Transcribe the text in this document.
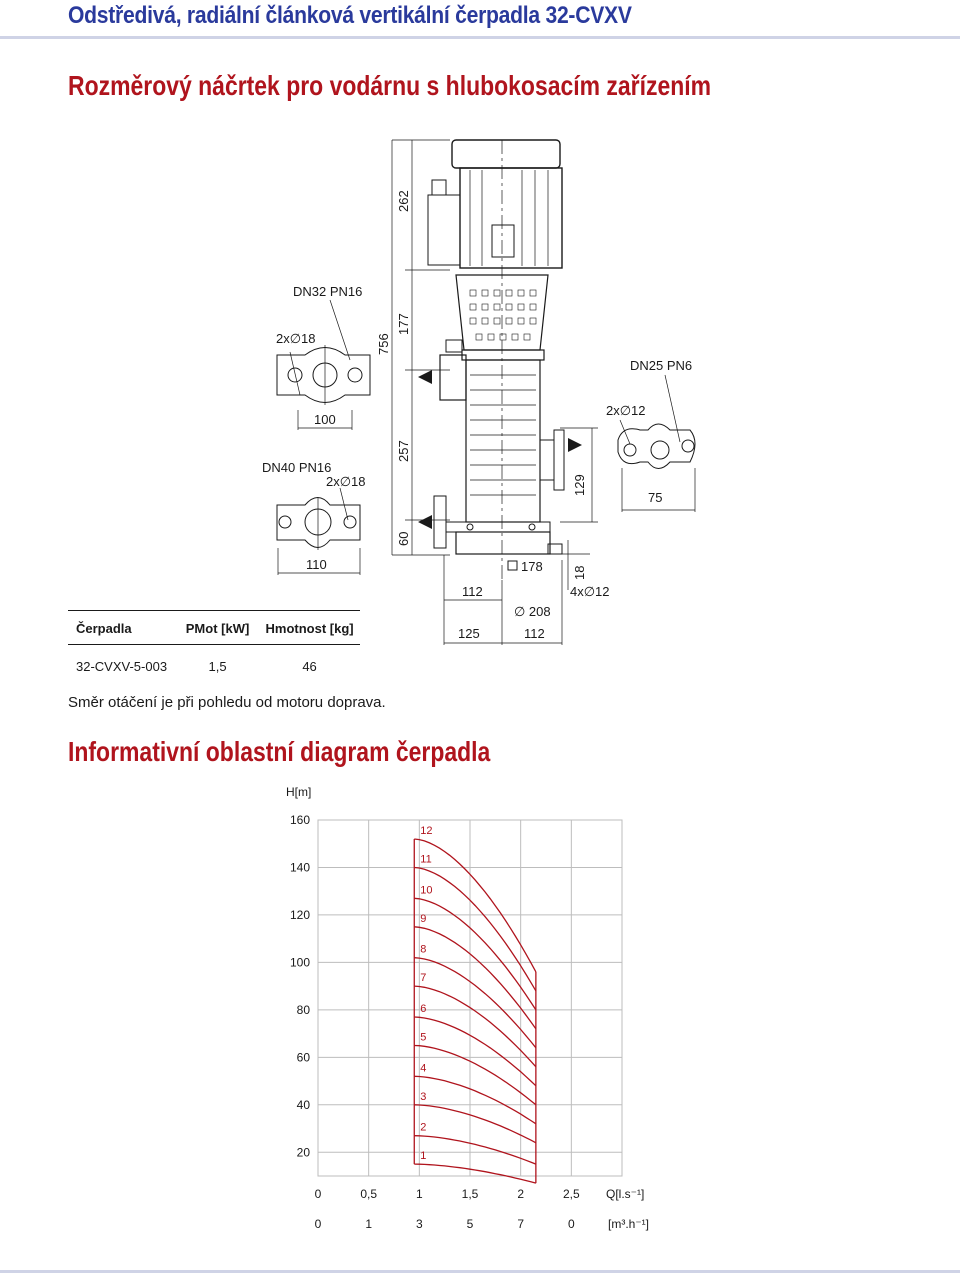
Odstředivá, radiální článková vertikální čerpadla 32-CVXV
Rozměrový náčrtek pro vodárnu s hlubokosacím zařízením
DN32 PN16
2x∅18
100
DN40 PN16
2x∅18
110
262
756
177
257
60
DN25 PN6
2x∅12
75
129
18
178
112	4x∅12
∅ 208
125	112
Čerpadla	PMot [kW]	Hmotnost [kg]
32-CVXV-5-003	1,5	46

Směr otáčení je při pohledu od motoru doprava.

Informativní oblastní diagram čerpadla
0	0,5	1	1,5	2	2,5
0	1	3	5	7	0
160
140
120
100
80
60
40
20	1
2
3
4
5
6
7
8
9
10
11
12
H[m]
Q[l.s⁻¹]
[m³.h⁻¹]
